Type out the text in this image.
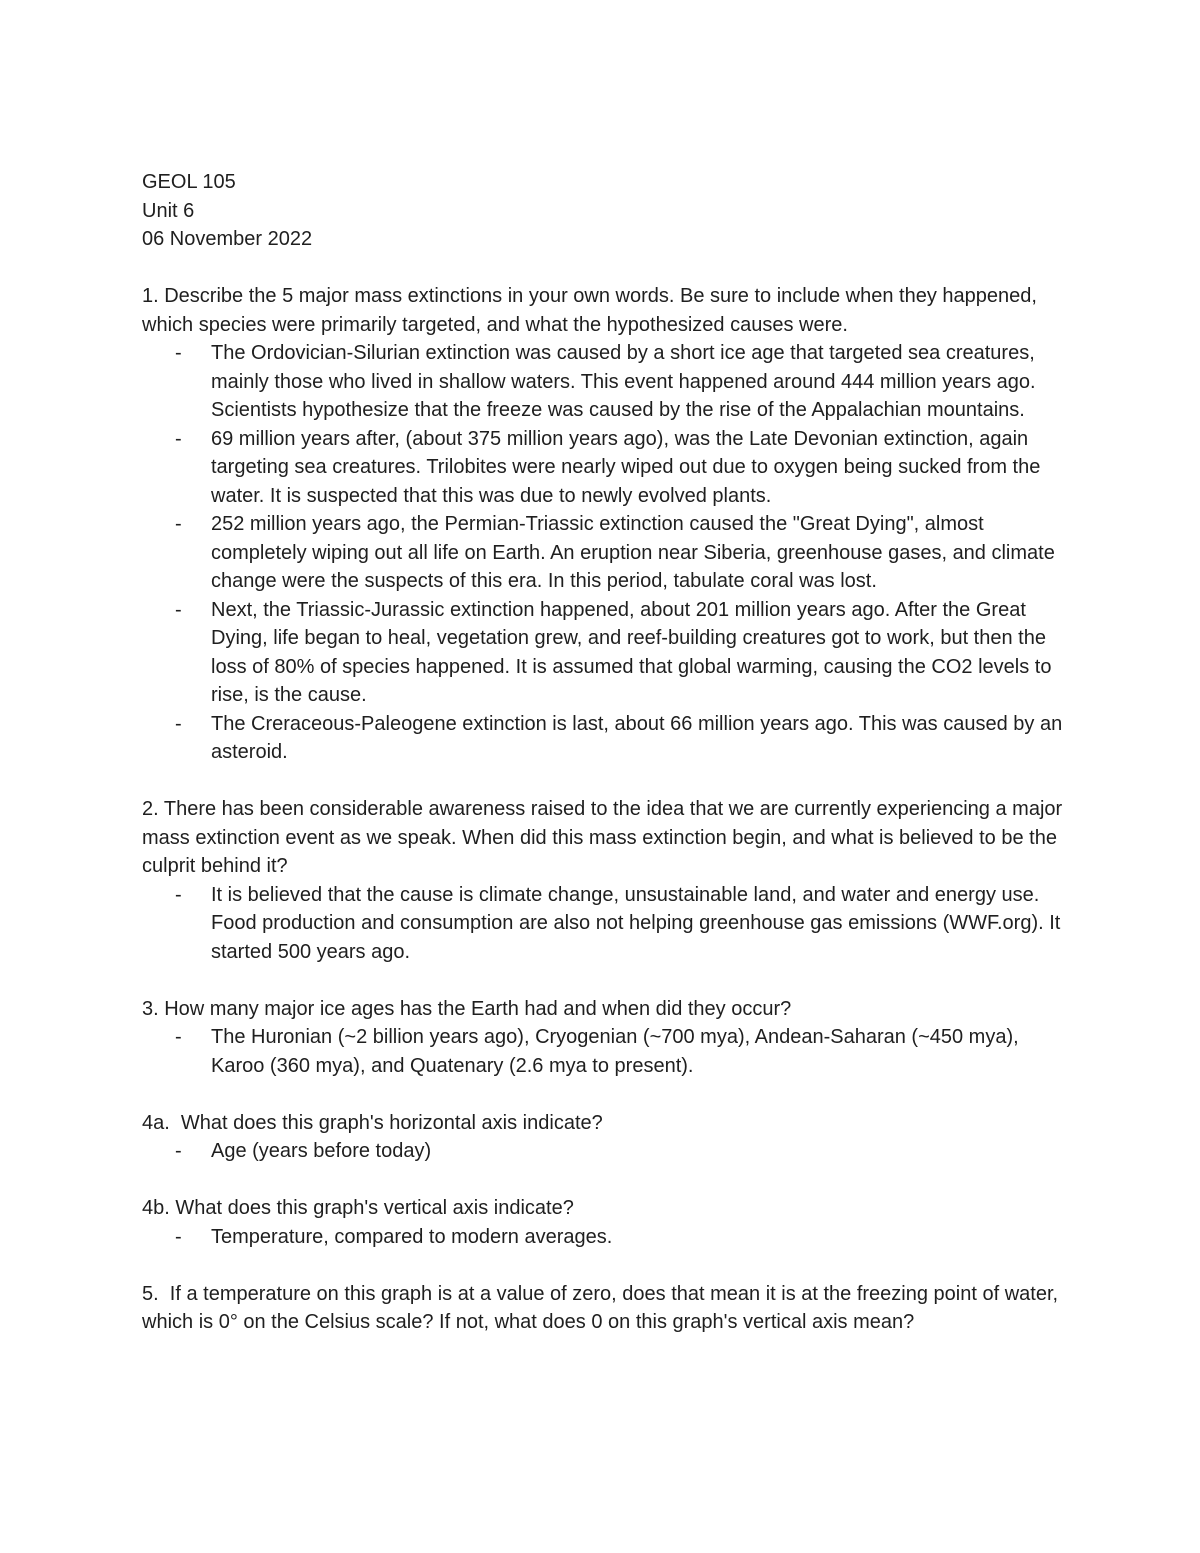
GEOL 105

Unit 6

06 November 2022

1. Describe the 5 major mass extinctions in your own words. Be sure to include when they happened, which species were primarily targeted, and what the hypothesized causes were.

- The Ordovician-Silurian extinction was caused by a short ice age that targeted sea creatures, mainly those who lived in shallow waters. This event happened around 444 million years ago. Scientists hypothesize that the freeze was caused by the rise of the Appalachian mountains.
- 69 million years after, (about 375 million years ago), was the Late Devonian extinction, again targeting sea creatures. Trilobites were nearly wiped out due to oxygen being sucked from the water. It is suspected that this was due to newly evolved plants.
- 252 million years ago, the Permian-Triassic extinction caused the "Great Dying", almost completely wiping out all life on Earth. An eruption near Siberia, greenhouse gases, and climate change were the suspects of this era. In this period, tabulate coral was lost.
- Next, the Triassic-Jurassic extinction happened, about 201 million years ago. After the Great Dying, life began to heal, vegetation grew, and reef-building creatures got to work, but then the loss of 80% of species happened. It is assumed that global warming, causing the CO2 levels to rise, is the cause.
- The Creraceous-Paleogene extinction is last, about 66 million years ago. This was caused by an asteroid.

2. There has been considerable awareness raised to the idea that we are currently experiencing a major mass extinction event as we speak. When did this mass extinction begin, and what is believed to be the culprit behind it?

- It is believed that the cause is climate change, unsustainable land, and water and energy use. Food production and consumption are also not helping greenhouse gas emissions (WWF.org). It started 500 years ago.

3. How many major ice ages has the Earth had and when did they occur?

- The Huronian (~2 billion years ago), Cryogenian (~700 mya), Andean-Saharan (~450 mya), Karoo (360 mya), and Quatenary (2.6 mya to present).

4a.  What does this graph's horizontal axis indicate?

- Age (years before today)

4b. What does this graph's vertical axis indicate?

- Temperature, compared to modern averages.

5.  If a temperature on this graph is at a value of zero, does that mean it is at the freezing point of water, which is 0° on the Celsius scale? If not, what does 0 on this graph's vertical axis mean?
